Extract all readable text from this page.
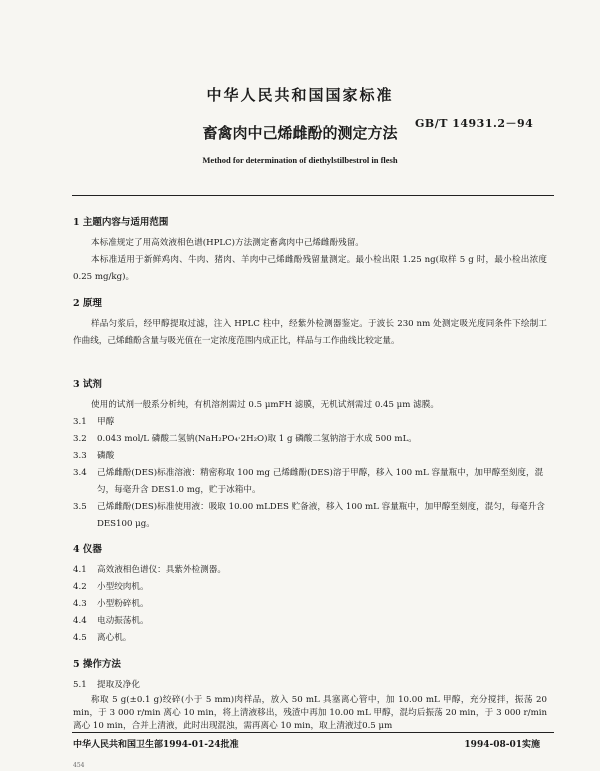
中华人民共和国国家标准
GB/T 14931.2－94
畜禽肉中己烯雌酚的测定方法
Method for determination of diethylstilbestrol in flesh
1 主题内容与适用范围

本标准规定了用高效液相色谱(HPLC)方法测定畜禽肉中己烯雌酚残留。

本标准适用于新鲜鸡肉、牛肉、猪肉、羊肉中己烯雌酚残留量测定。最小检出限 1.25 ng(取样 5 g 时，最小检出浓度 0.25 mg/kg)。

2 原理

样品匀浆后，经甲醇提取过滤，注入 HPLC 柱中，经紫外检测器鉴定。于波长 230 nm 处测定吸光度同条件下绘制工作曲线，己烯雌酚含量与吸光值在一定浓度范围内成正比，样品与工作曲线比较定量。

3 试剂

使用的试剂一般系分析纯，有机溶剂需过 0.5 μmFH 滤膜，无机试剂需过 0.45 μm 滤膜。

3.1	甲醇
3.2	0.043 mol/L 磷酸二氢钠(NaH₂PO₄·2H₂O)取 1 g 磷酸二氢钠溶于水成 500 mL。
3.3	磷酸
3.4	己烯雌酚(DES)标准溶液：精密称取 100 mg 己烯雌酚(DES)溶于甲醇，移入 100 mL 容量瓶中，加甲醇至刻度，混匀，每毫升含 DES1.0 mg，贮于冰箱中。
3.5	己烯雌酚(DES)标准使用液：吸取 10.00 mLDES 贮备液，移入 100 mL 容量瓶中，加甲醇至刻度，混匀，每毫升含 DES100 μg。
4 仪器
4.1	高效液相色谱仪：具紫外检测器。
4.2	小型绞肉机。
4.3	小型粉碎机。
4.4	电动振荡机。
4.5	离心机。
5 操作方法
5.1	提取及净化

称取 5 g(±0.1 g)绞碎(小于 5 mm)肉样品，放入 50 mL 具塞离心管中，加 10.00 mL 甲醇，充分搅拌，振荡 20 min，于 3 000 r/min 离心 10 min，将上清液移出，残渣中再加 10.00 mL 甲醇，混均后振荡 20 min，于 3 000 r/min 离心 10 min，合并上清液，此时出现混浊，需再离心 10 min，取上清液过0.5 μm

中华人民共和国卫生部1994-01-24批准	1994-08-01实施
454
